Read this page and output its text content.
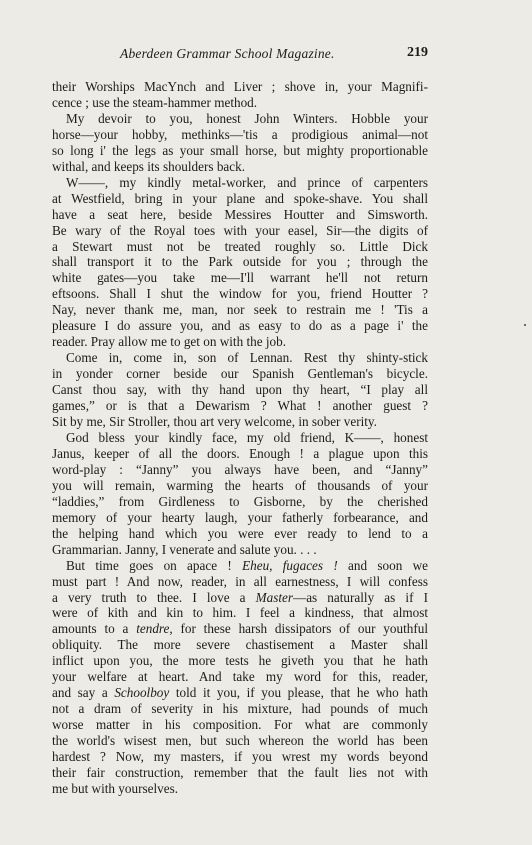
Aberdeen Grammar School Magazine.	219
their Worships MacYnch and Liver ; shove in, your Magnifi-
cence ; use the steam-hammer method.
My devoir to you, honest John Winters. Hobble your
horse—your hobby, methinks—'tis a prodigious animal—not
so long i' the legs as your small horse, but mighty proportionable
withal, and keeps its shoulders back.
W——, my kindly metal-worker, and prince of carpenters
at Westfield, bring in your plane and spoke-shave. You shall
have a seat here, beside Messires Houtter and Simsworth.
Be wary of the Royal toes with your easel, Sir—the digits of
a Stewart must not be treated roughly so. Little Dick
shall transport it to the Park outside for you ; through the
white gates—you take me—I'll warrant he'll not return
eftsoons. Shall I shut the window for you, friend Houtter ?
Nay, never thank me, man, nor seek to restrain me ! 'Tis a
pleasure I do assure you, and as easy to do as a page i' the
reader. Pray allow me to get on with the job.
Come in, come in, son of Lennan. Rest thy shinty-stick
in yonder corner beside our Spanish Gentleman's bicycle.
Canst thou say, with thy hand upon thy heart, “I play all
games,” or is that a Dewarism ? What ! another guest ?
Sit by me, Sir Stroller, thou art very welcome, in sober verity.
God bless your kindly face, my old friend, K——, honest
Janus, keeper of all the doors. Enough ! a plague upon this
word-play : “Janny” you always have been, and “Janny”
you will remain, warming the hearts of thousands of your
“laddies,” from Girdleness to Gisborne, by the cherished
memory of your hearty laugh, your fatherly forbearance, and
the helping hand which you were ever ready to lend to a
Grammarian. Janny, I venerate and salute you. . . .
But time goes on apace ! Eheu, fugaces ! and soon we
must part ! And now, reader, in all earnestness, I will confess
a very truth to thee. I love a Master—as naturally as if I
were of kith and kin to him. I feel a kindness, that almost
amounts to a tendre, for these harsh dissipators of our youthful
obliquity. The more severe chastisement a Master shall
inflict upon you, the more tests he giveth you that he hath
your welfare at heart. And take my word for this, reader,
and say a Schoolboy told it you, if you please, that he who hath
not a dram of severity in his mixture, had pounds of much
worse matter in his composition. For what are commonly
the world's wisest men, but such whereon the world has been
hardest ? Now, my masters, if you wrest my words beyond
their fair construction, remember that the fault lies not with
me but with yourselves.
